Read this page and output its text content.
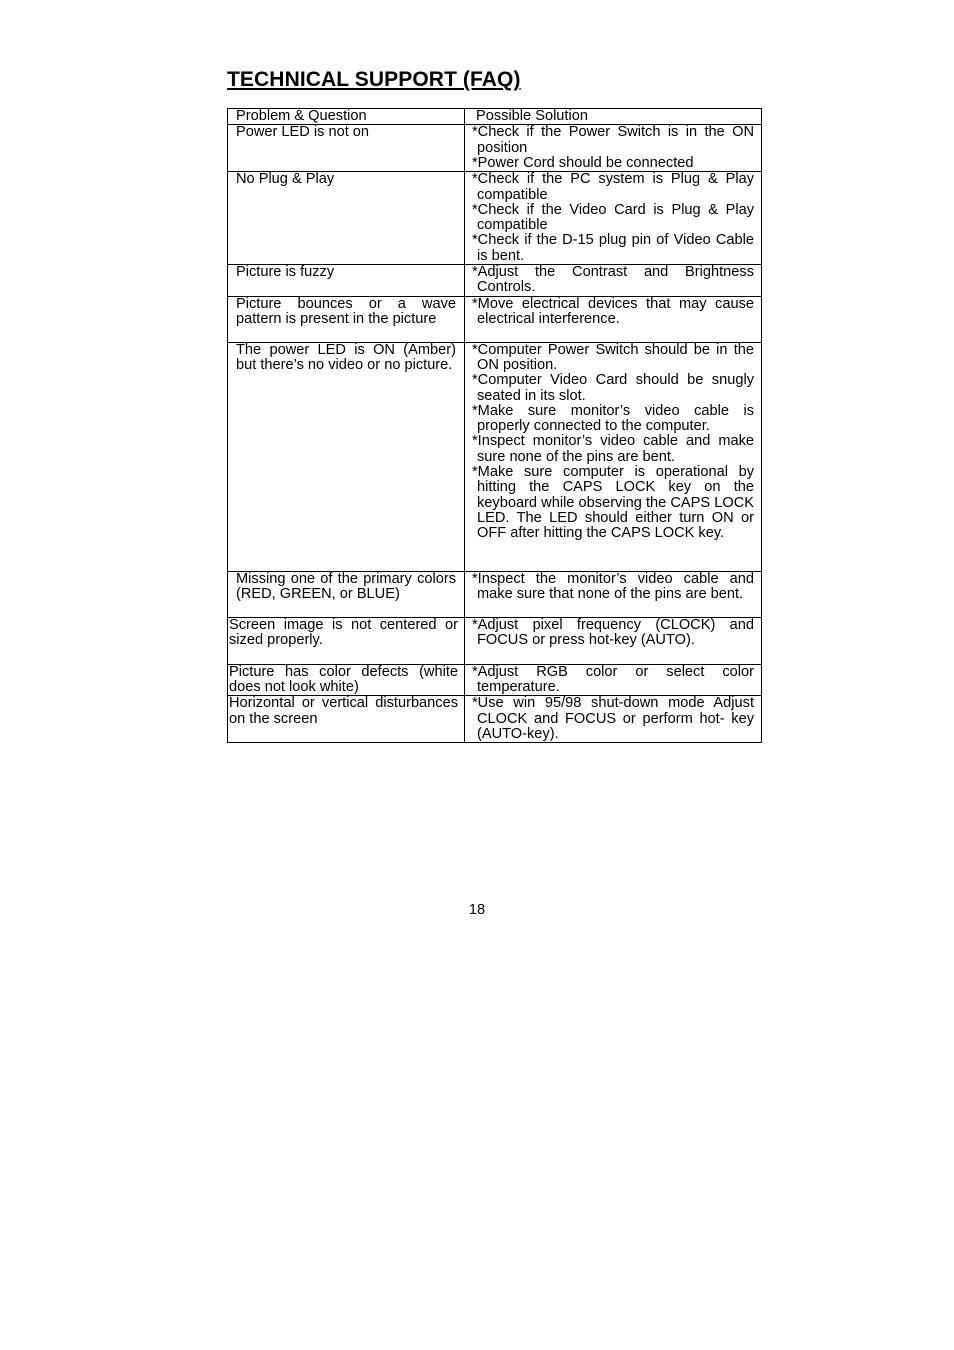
TECHNICAL SUPPORT (FAQ)
Problem & Question	Possible Solution
Power LED is not on	*Check if the Power Switch is in the ON position
*Power Cord should be connected

No Plug & Play	*Check if the PC system is Plug & Play compatible
*Check if the Video Card is Plug & Play compatible
*Check if the D-15 plug pin of Video Cable is bent.

Picture is fuzzy	*Adjust the Contrast and Brightness Controls.

Picture bounces or a wave pattern is present in the picture	*Move electrical devices that may cause electrical interference.

The power LED is ON (Amber) but there’s no video or no picture.	*Computer Power Switch should be in the ON position.
*Computer Video Card should be snugly seated in its slot.
*Make sure monitor’s video cable is properly connected to the computer.
*Inspect monitor’s video cable and make sure none of the pins are bent.
*Make sure computer is operational by hitting the CAPS LOCK key on the keyboard while observing the CAPS LOCK LED. The LED should either turn ON or OFF after hitting the CAPS LOCK key.

Missing one of the primary colors (RED, GREEN, or BLUE)	*Inspect the monitor’s video cable and make sure that none of the pins are bent.

Screen image is not centered or sized properly.	*Adjust pixel frequency (CLOCK) and FOCUS or press hot-key (AUTO).

Picture has color defects (white does not look white)	*Adjust RGB color or select color temperature.

Horizontal or vertical disturbances on the screen	*Use win 95/98 shut-down mode Adjust CLOCK and FOCUS or perform hot- key (AUTO-key).
18
